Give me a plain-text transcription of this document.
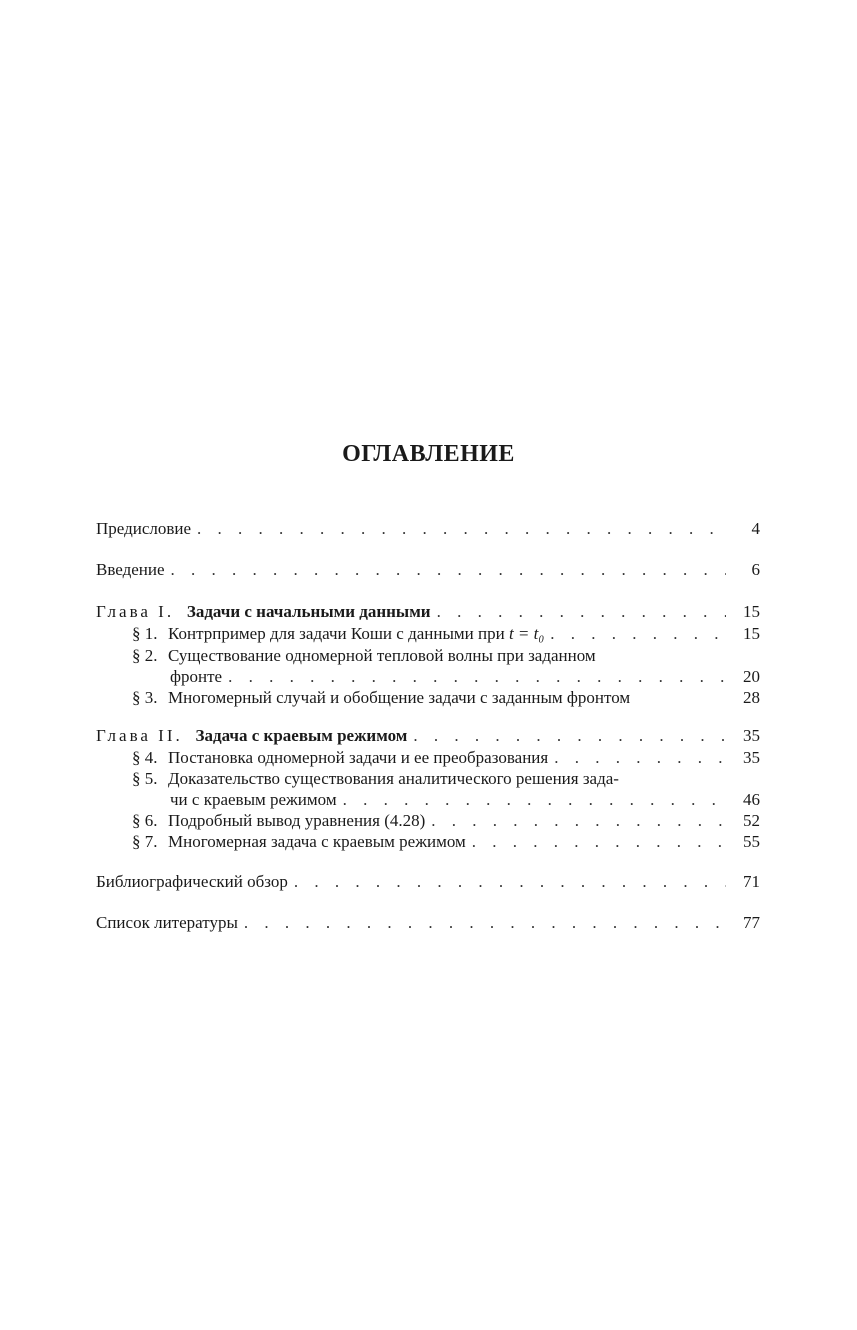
ОГЛАВЛЕНИЕ
Предисловие . . .	4
Введение . . .	6
Глава I. Задачи с начальными данными . . .	15
§ 1. Контрпример для задачи Коши с данными при t = t₀ . . .	15
§ 2. Существование одномерной тепловой волны при заданном
фронте . . .	20
§ 3. Многомерный случай и обобщение задачи с заданным фронтом	28
Глава II. Задача с краевым режимом . . .	35
§ 4. Постановка одномерной задачи и ее преобразования . . .	35
§ 5. Доказательство существования аналитического решения зада-
чи с краевым режимом . . .	46
§ 6. Подробный вывод уравнения (4.28) . . .	52
§ 7. Многомерная задача с краевым режимом . . .	55
Библиографический обзор . . .	71
Список литературы . . .	77
